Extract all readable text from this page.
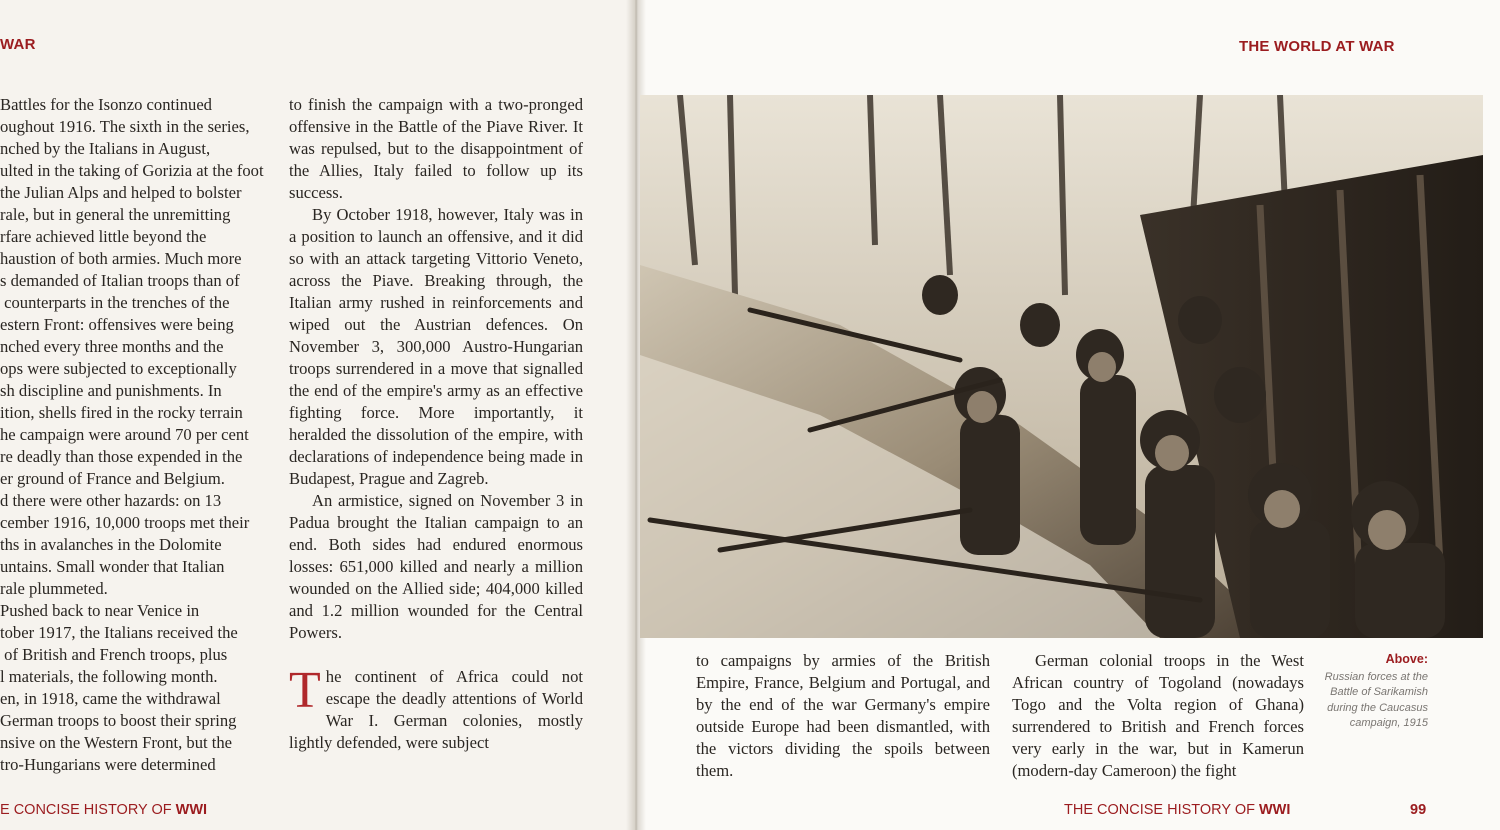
WAR
Battles for the Isonzo continued
oughout 1916. The sixth in the series,
nched by the Italians in August,
ulted in the taking of Gorizia at the foot
the Julian Alps and helped to bolster
rale, but in general the unremitting
rfare achieved little beyond the
haustion of both armies. Much more
s demanded of Italian troops than of
counterparts in the trenches of the
estern Front: offensives were being
nched every three months and the
ops were subjected to exceptionally
sh discipline and punishments. In
ition, shells fired in the rocky terrain
he campaign were around 70 per cent
re deadly than those expended in the
er ground of France and Belgium.
d there were other hazards: on 13
cember 1916, 10,000 troops met their
ths in avalanches in the Dolomite
untains. Small wonder that Italian
rale plummeted.
Pushed back to near Venice in
tober 1917, the Italians received the
of British and French troops, plus
l materials, the following month.
en, in 1918, came the withdrawal
German troops to boost their spring
nsive on the Western Front, but the
tro-Hungarians were determined

to finish the campaign with a two-pronged offensive in the Battle of the Piave River. It was repulsed, but to the disappointment of the Allies, Italy failed to follow up its success.

By October 1918, however, Italy was in a position to launch an offensive, and it did so with an attack targeting Vittorio Veneto, across the Piave. Breaking through, the Italian army rushed in reinforcements and wiped out the Austrian defences. On November 3, 300,000 Austro-Hungarian troops surrendered in a move that signalled the end of the empire's army as an effective fighting force. More importantly, it heralded the dissolution of the empire, with declarations of independence being made in Budapest, Prague and Zagreb.

An armistice, signed on November 3 in Padua brought the Italian campaign to an end. Both sides had endured enormous losses: 651,000 killed and nearly a million wounded on the Allied side; 404,000 killed and 1.2 million wounded for the Central Powers.

The continent of Africa could not escape the deadly attentions of World War I. German colonies, mostly lightly defended, were subject

E CONCISE HISTORY OF WWI
THE WORLD AT WAR

to campaigns by armies of the British Empire, France, Belgium and Portugal, and by the end of the war Germany's empire outside Europe had been dismantled, with the victors dividing the spoils between them.

German colonial troops in the West African country of Togoland (nowadays Togo and the Volta region of Ghana) surrendered to British and French forces very early in the war, but in Kamerun (modern-day Cameroon) the fight

Above:
Russian forces at the Battle of Sarikamish during the Caucasus campaign, 1915
THE CONCISE HISTORY OF WWI	99
